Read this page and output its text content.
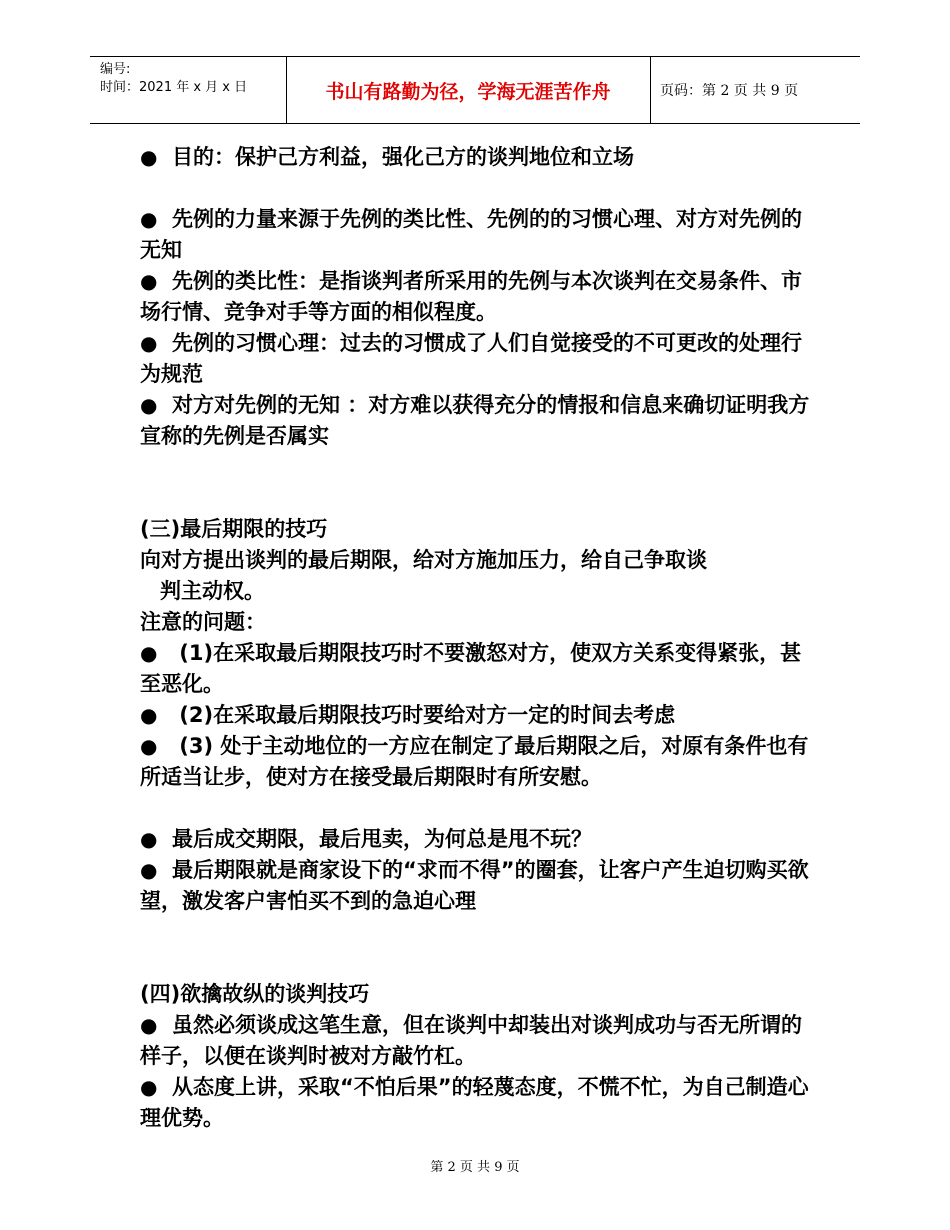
编号:
时间：2021 年 x 月 x 日	书山有路勤为径，学海无涯苦作舟	页码：第 2 页 共 9 页

● 目的：保护己方利益，强化己方的谈判地位和立场

● 先例的力量来源于先例的类比性、先例的的习惯心理、对方对先例的无知

● 先例的类比性：是指谈判者所采用的先例与本次谈判在交易条件、市场行情、竞争对手等方面的相似程度。

● 先例的习惯心理：过去的习惯成了人们自觉接受的不可更改的处理行为规范

● 对方对先例的无知 ：对方难以获得充分的情报和信息来确切证明我方宣称的先例是否属实

(三)最后期限的技巧

向对方提出谈判的最后期限，给对方施加压力，给自己争取谈

判主动权。

注意的问题：

● (1)在采取最后期限技巧时不要激怒对方，使双方关系变得紧张，甚至恶化。

● (2)在采取最后期限技巧时要给对方一定的时间去考虑

● (3) 处于主动地位的一方应在制定了最后期限之后，对原有条件也有所适当让步，使对方在接受最后期限时有所安慰。

● 最后成交期限，最后甩卖，为何总是甩不玩？

● 最后期限就是商家设下的“求而不得”的圈套，让客户产生迫切购买欲望，激发客户害怕买不到的急迫心理

(四)欲擒故纵的谈判技巧

● 虽然必须谈成这笔生意，但在谈判中却装出对谈判成功与否无所谓的样子，以便在谈判时被对方敲竹杠。

● 从态度上讲，采取“不怕后果”的轻蔑态度，不慌不忙，为自己制造心理优势。

第 2 页 共 9 页
